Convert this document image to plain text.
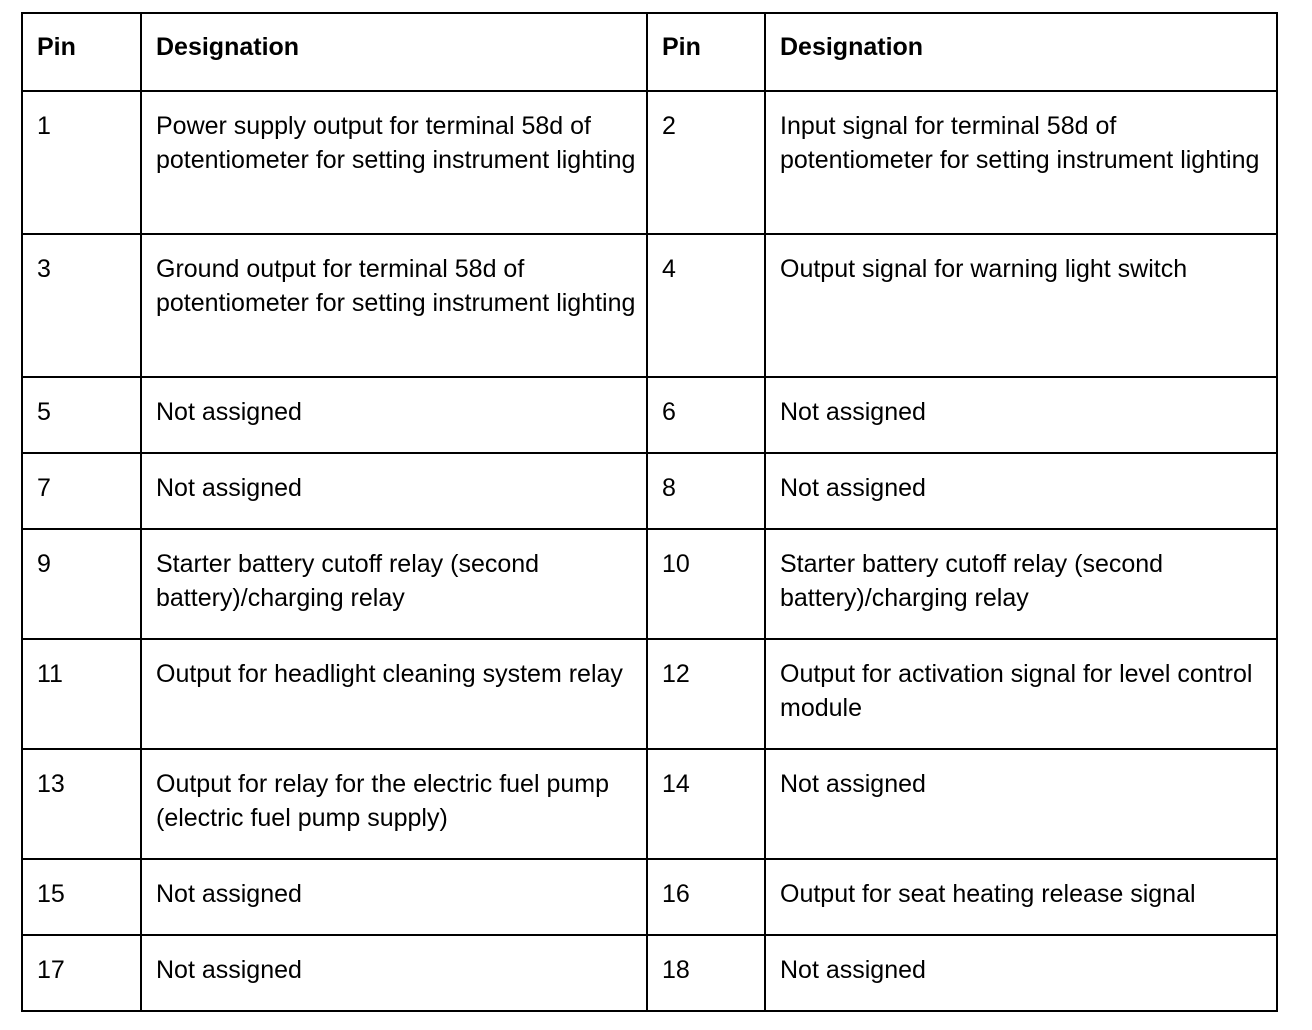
Pin	Designation	Pin	Designation
1	Power supply output for terminal 58d of potentiometer for setting instrument lighting	2	Input signal for terminal 58d of potentiometer for setting instrument lighting
3	Ground output for terminal 58d of potentiometer for setting instrument lighting	4	Output signal for warning light switch
5	Not assigned	6	Not assigned
7	Not assigned	8	Not assigned
9	Starter battery cutoff relay (second battery)/charging relay	10	Starter battery cutoff relay (second battery)/charging relay
11	Output for headlight cleaning system relay	12	Output for activation signal for level control module
13	Output for relay for the electric fuel pump (electric fuel pump supply)	14	Not assigned
15	Not assigned	16	Output for seat heating release signal
17	Not assigned	18	Not assigned
